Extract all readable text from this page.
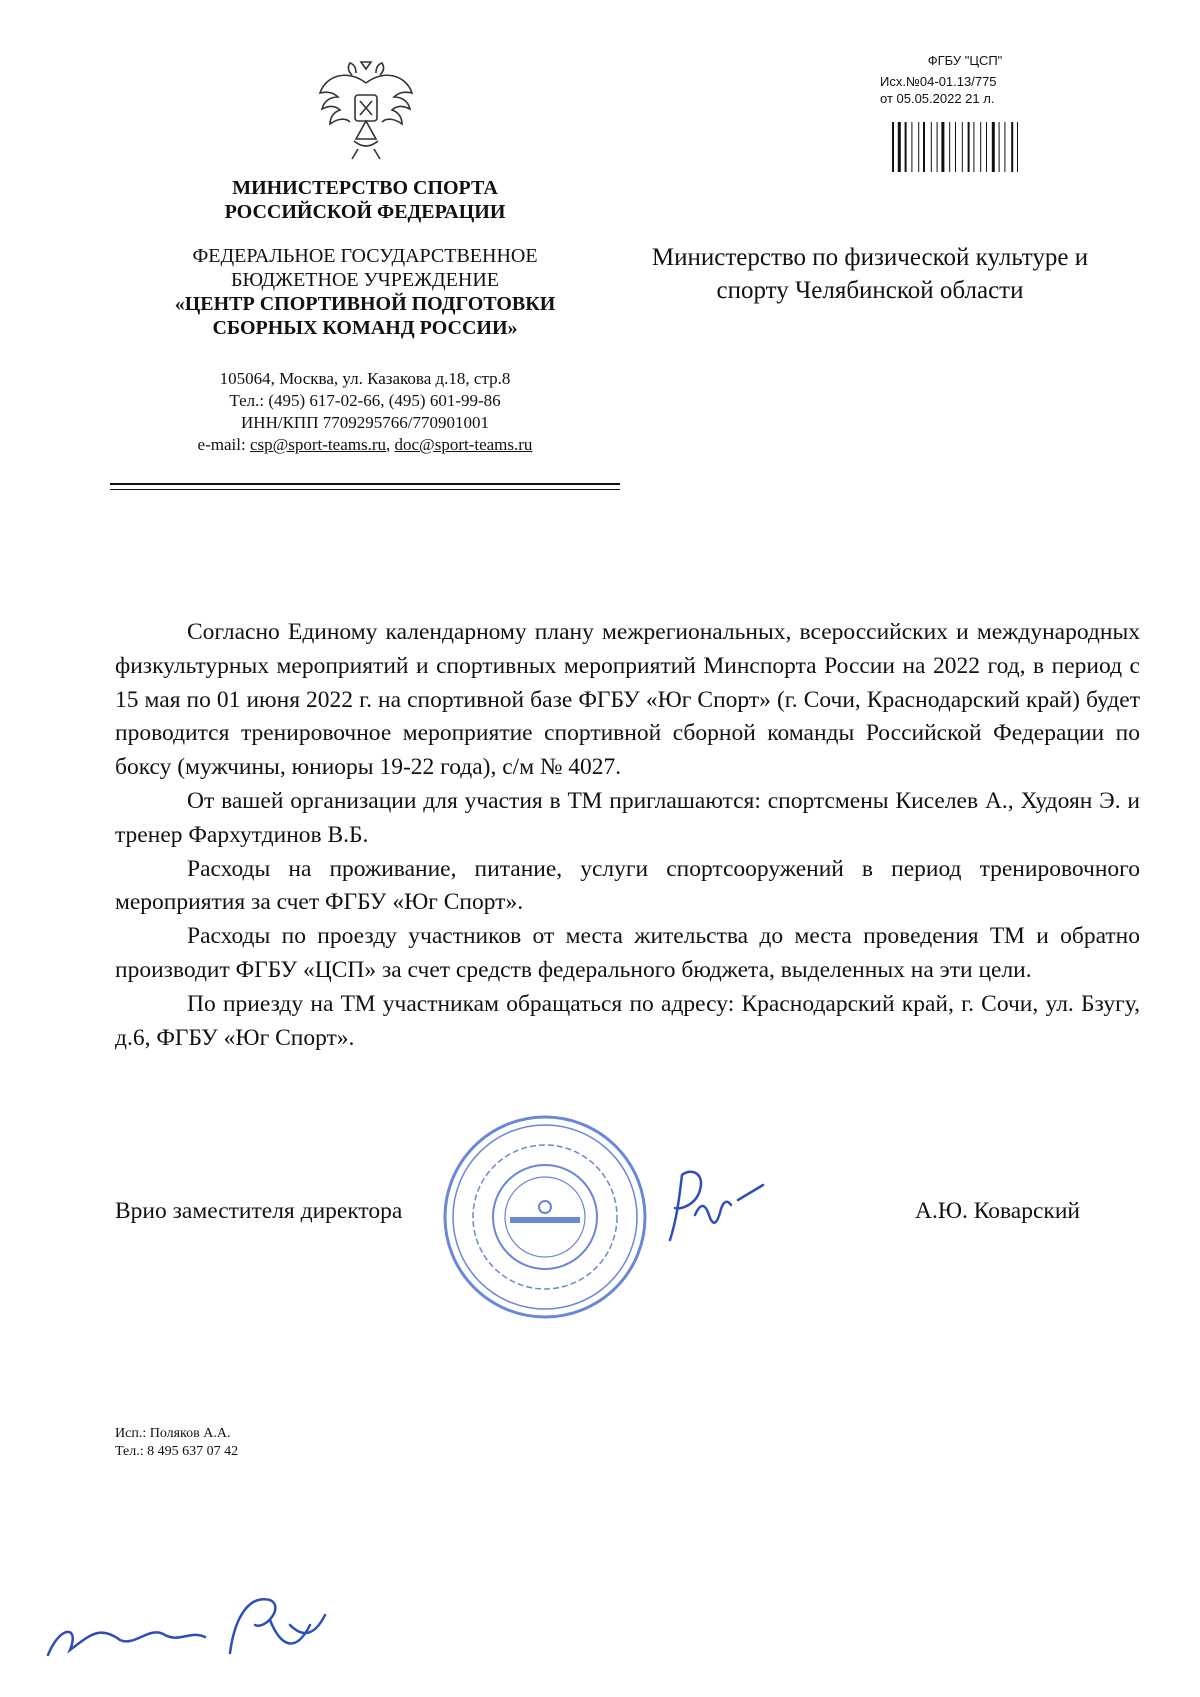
МИНИСТЕРСТВО СПОРТА
РОССИЙСКОЙ ФЕДЕРАЦИИ
ФЕДЕРАЛЬНОЕ ГОСУДАРСТВЕННОЕ
БЮДЖЕТНОЕ УЧРЕЖДЕНИЕ
«ЦЕНТР СПОРТИВНОЙ ПОДГОТОВКИ
СБОРНЫХ КОМАНД РОССИИ»
105064, Москва, ул. Казакова д.18, стр.8
Тел.: (495) 617-02-66, (495) 601-99-86
ИНН/КПП 7709295766/770901001
e-mail: csp@sport-teams.ru, doc@sport-teams.ru
ФГБУ "ЦСП"
Исх.№04-01.13/775
от 05.05.2022 21 л.
Министерство по физической культуре и
спорту Челябинской области

Согласно Единому календарному плану межрегиональных, всероссийских и международных физкультурных мероприятий и спортивных мероприятий Минспорта России на 2022 год, в период с 15 мая по 01 июня 2022 г. на спортивной базе ФГБУ «Юг Спорт» (г. Сочи, Краснодарский край) будет проводится тренировочное мероприятие спортивной сборной команды Российской Федерации по боксу (мужчины, юниоры 19-22 года), с/м № 4027.

От вашей организации для участия в ТМ приглашаются: спортсмены Киселев А., Худоян Э. и тренер Фархутдинов В.Б.

Расходы на проживание, питание, услуги спортсооружений в период тренировочного мероприятия за счет ФГБУ «Юг Спорт».

Расходы по проезду участников от места жительства до места проведения ТМ и обратно производит ФГБУ «ЦСП» за счет средств федерального бюджета, выделенных на эти цели.

По приезду на ТМ участникам обращаться по адресу: Краснодарский край, г. Сочи, ул. Бзугу, д.6, ФГБУ «Юг Спорт».

Врио заместителя директора	А.Ю. Коварский
Исп.: Поляков А.А.
Тел.: 8 495 637 07 42
